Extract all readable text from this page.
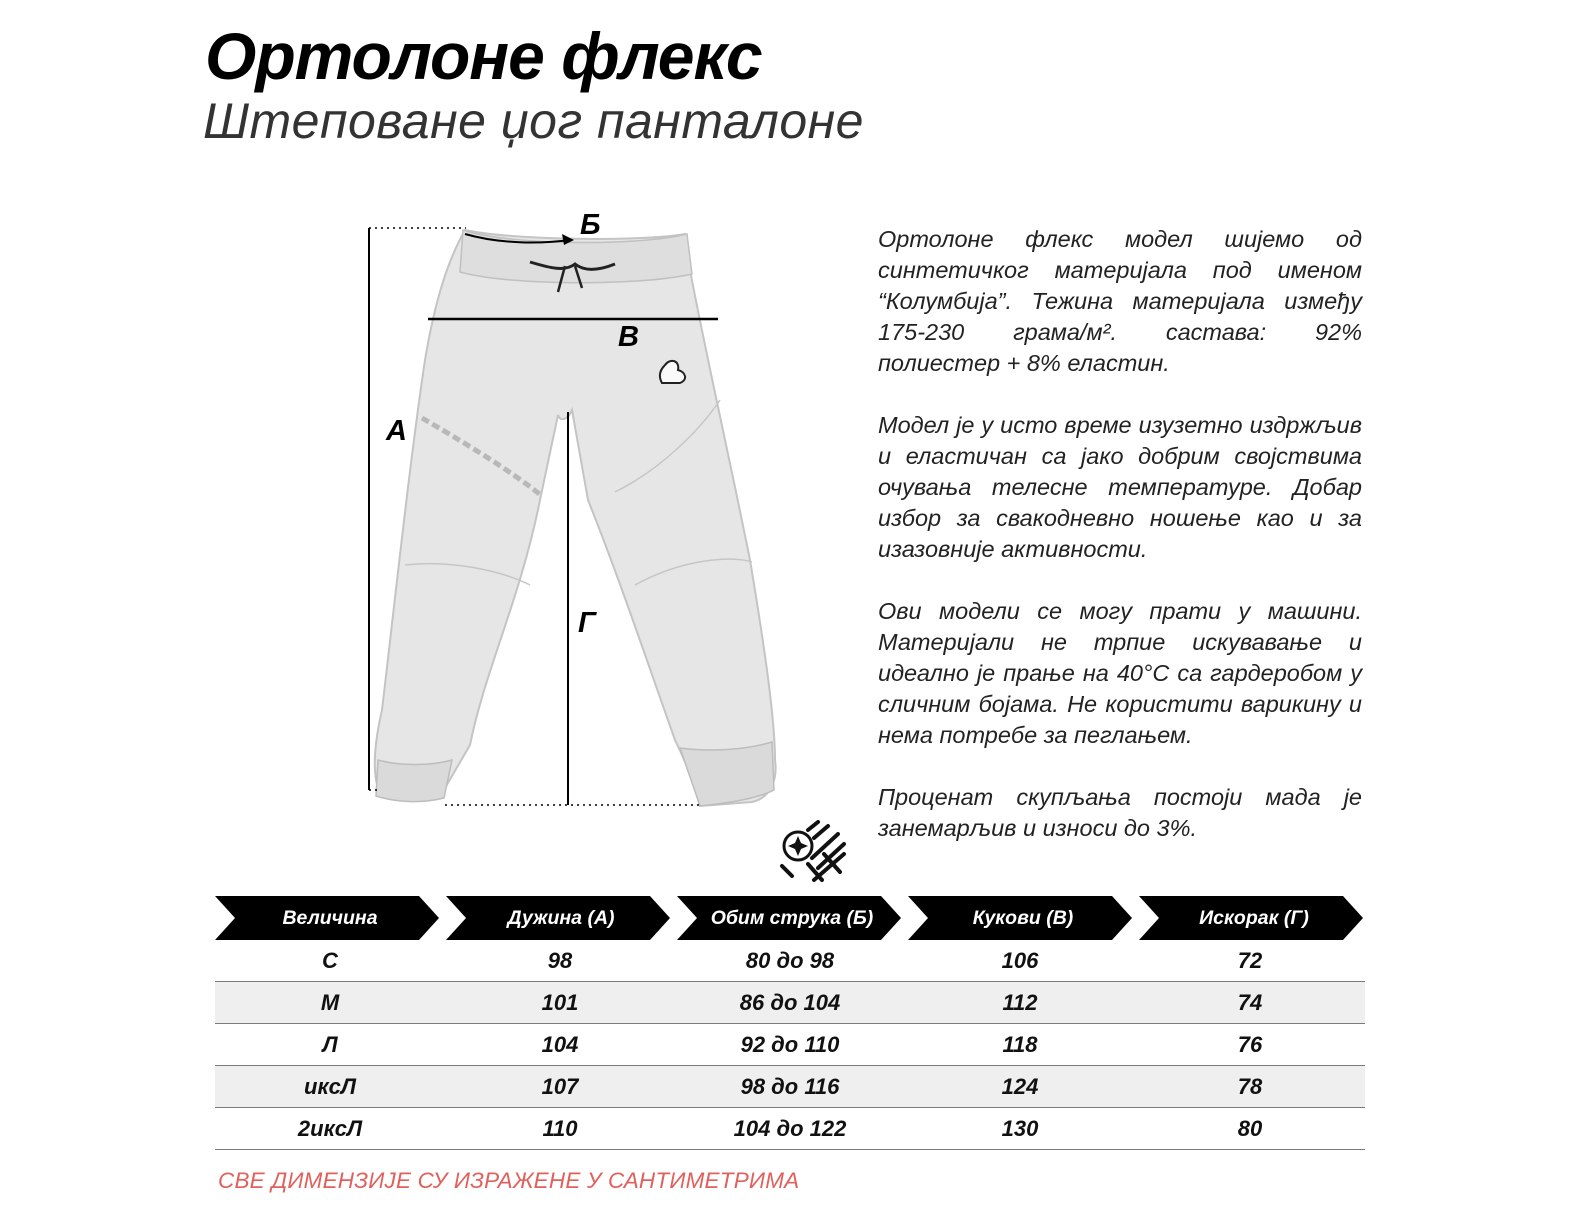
Ортолоне флекс
Штеповане џог панталоне
А
Б
В
Г

Ортолоне флекс модел шијемо од синтетичког материјала под именом “Колумбија”. Тежина материјала између 175-230 грама/м². састава: 92% полиестер + 8% еластин.

Модел је у исто време изузетно издржљив и еластичан са јако добрим својствима очувања телесне температуре. Добар избор за свакодневно ношење као и за изазовније активности.

Ови модели се могу прати у машини. Материјали не трпие искувавање и идеално је прање на 40°C са гардеробом у сличним бојама. Не користити варикину и нема потребе за пеглањем.

Проценат скупљања постоји мада је занемарљив и износи до 3%.

Величина	Дужина (А)	Обим струка (Б)	Кукови (В)	Искорак (Г)
С	98	80 до 98	106	72
М	101	86 до 104	112	74
Л	104	92 до 110	118	76
иксЛ	107	98 до 116	124	78
2иксЛ	110	104 до 122	130	80
СВЕ ДИМЕНЗИЈЕ СУ ИЗРАЖЕНЕ У САНТИМЕТРИМА
